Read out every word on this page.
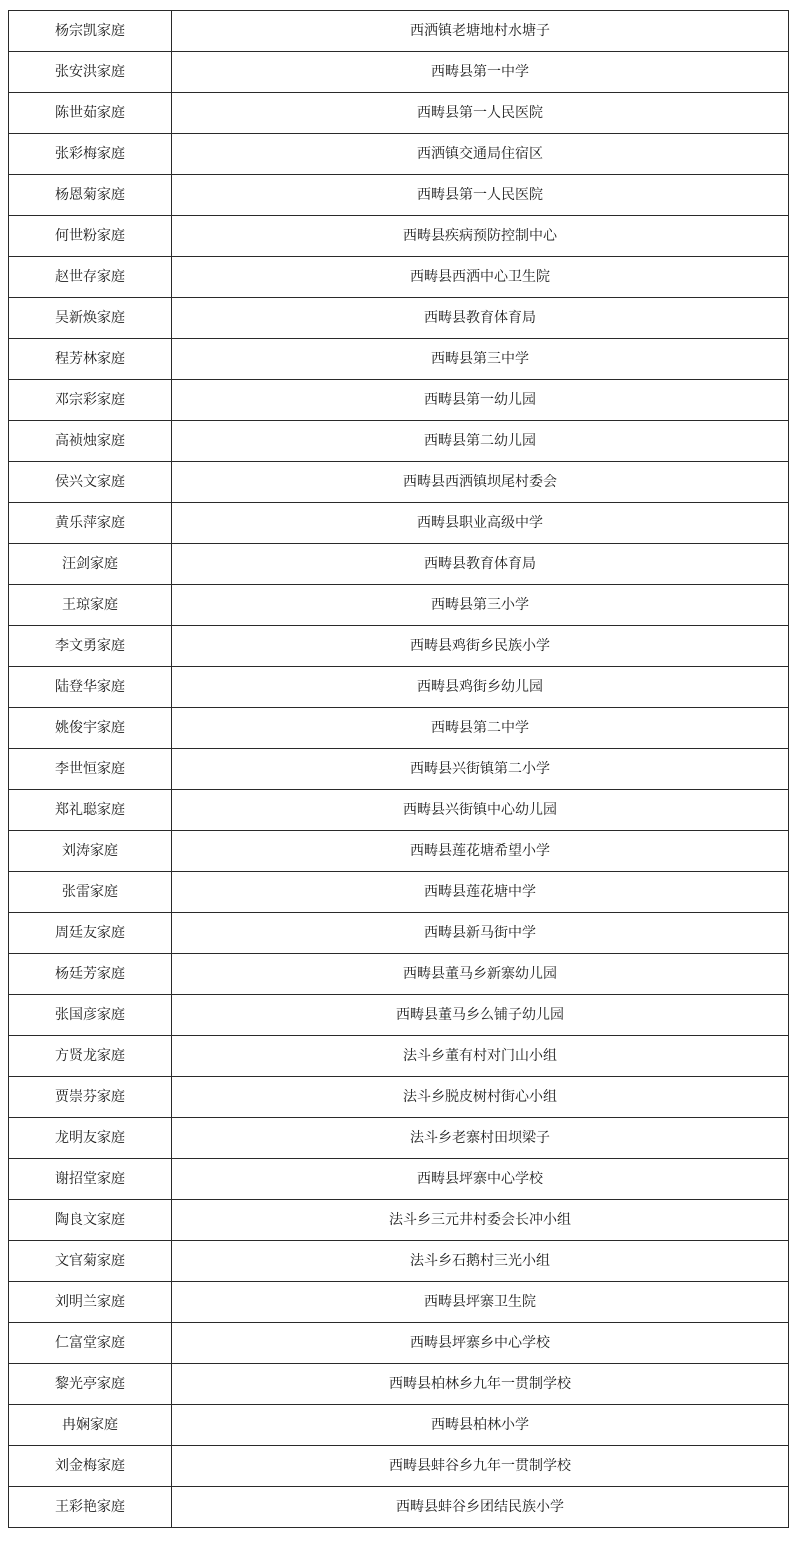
杨宗凯家庭	西洒镇老塘地村水塘子
张安洪家庭	西畴县第一中学
陈世茹家庭	西畴县第一人民医院
张彩梅家庭	西洒镇交通局住宿区
杨恩菊家庭	西畴县第一人民医院
何世粉家庭	西畴县疾病预防控制中心
赵世存家庭	西畴县西洒中心卫生院
吴新焕家庭	西畴县教育体育局
程芳林家庭	西畴县第三中学
邓宗彩家庭	西畴县第一幼儿园
高祯烛家庭	西畴县第二幼儿园
侯兴文家庭	西畴县西洒镇坝尾村委会
黄乐萍家庭	西畴县职业高级中学
汪剑家庭	西畴县教育体育局
王琼家庭	西畴县第三小学
李文勇家庭	西畴县鸡街乡民族小学
陆登华家庭	西畴县鸡街乡幼儿园
姚俊宇家庭	西畴县第二中学
李世恒家庭	西畴县兴街镇第二小学
郑礼聪家庭	西畴县兴街镇中心幼儿园
刘涛家庭	西畴县莲花塘希望小学
张雷家庭	西畴县莲花塘中学
周廷友家庭	西畴县新马街中学
杨廷芳家庭	西畴县董马乡新寨幼儿园
张国彦家庭	西畴县董马乡么铺子幼儿园
方贤龙家庭	法斗乡董有村对门山小组
贾崇芬家庭	法斗乡脱皮树村街心小组
龙明友家庭	法斗乡老寨村田坝梁子
谢招堂家庭	西畴县坪寨中心学校
陶良文家庭	法斗乡三元井村委会长冲小组
文官菊家庭	法斗乡石鹅村三光小组
刘明兰家庭	西畴县坪寨卫生院
仁富堂家庭	西畴县坪寨乡中心学校
黎光亭家庭	西畴县柏林乡九年一贯制学校
冉娴家庭	西畴县柏林小学
刘金梅家庭	西畴县蚌谷乡九年一贯制学校
王彩艳家庭	西畴县蚌谷乡团结民族小学
